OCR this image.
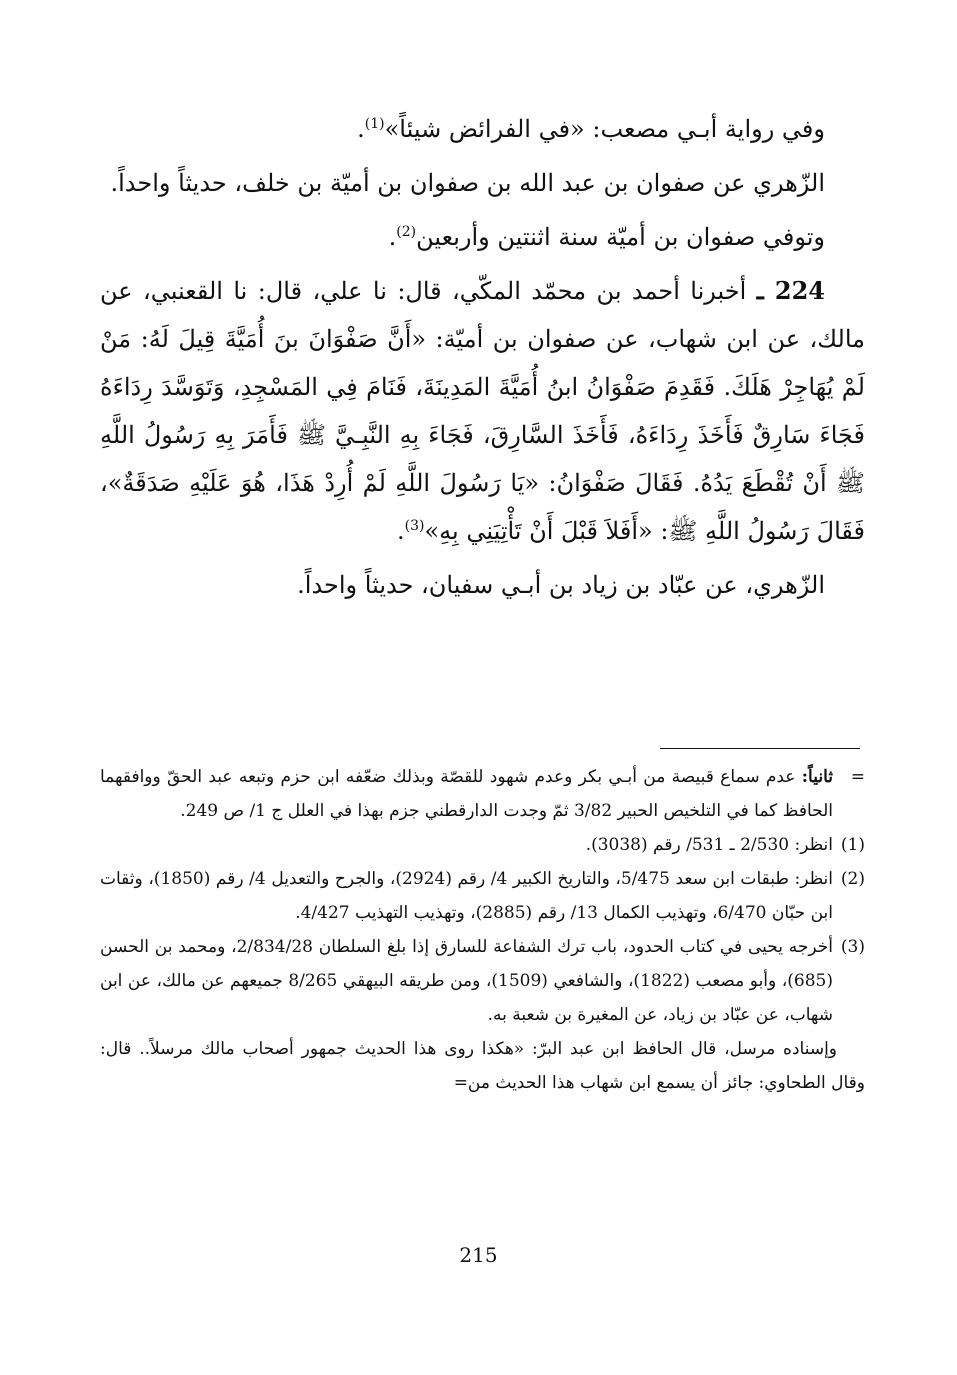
وفي رواية أبـي مصعب: «في الفرائض شيئاً»$^{(1)}$.

الزّهري عن صفوان بن عبد الله بن صفوان بن أميّة بن خلف، حديثاً واحداً.

وتوفي صفوان بن أميّة سنة اثنتين وأربعين$^{(2)}$.

224 ـ أخبرنا أحمد بن محمّد المكّي، قال: نا علي، قال: نا القعنبي، عن مالك، عن ابن شهاب، عن صفوان بن أميّة: «أَنَّ صَفْوَانَ بنَ أُمَيَّةَ قِيلَ لَهُ: مَنْ لَمْ يُهَاجِرْ هَلَكَ. فَقَدِمَ صَفْوَانُ ابنُ أُمَيَّةَ المَدِينَةَ، فَنَامَ فِي المَسْجِدِ، وَتَوَسَّدَ رِدَاءَهُ فَجَاءَ سَارِقٌ فَأَخَذَ رِدَاءَهُ، فَأَخَذَ السَّارِقَ، فَجَاءَ بِهِ النَّبِـيَّ ﷺ فَأَمَرَ بِهِ رَسُولُ اللَّهِ ﷺ أَنْ تُقْطَعَ يَدُهُ. فَقَالَ صَفْوَانُ: «يَا رَسُولَ اللَّهِ لَمْ أُرِدْ هَذَا، هُوَ عَلَيْهِ صَدَقَةٌ»، فَقَالَ رَسُولُ اللَّهِ ﷺ: «أَفَلاَ قَبْلَ أَنْ تَأْتِيَنِي بِهِ»$^{(3)}$.

الزّهري، عن عبّاد بن زياد بن أبـي سفيان، حديثاً واحداً.

=
ثانياً: عدم سماع قبيصة من أبـي بكر وعدم شهود للقصّة وبذلك ضعّفه ابن حزم وتبعه عبد الحقّ ووافقهما الحافظ كما في التلخيص الحبير 3/82 ثمّ وجدت الدارقطني جزم بهذا في العلل ج 1/ ص 249.
(1)
انظر: 2/530 ـ 531/ رقم (3038).
(2)
انظر: طبقات ابن سعد 5/475، والتاريخ الكبير 4/ رقم (2924)، والجرح والتعديل 4/ رقم (1850)، وثقات ابن حبّان 6/470، وتهذيب الكمال 13/ رقم (2885)، وتهذيب التهذيب 4/427.
(3)
أخرجه يحيى في كتاب الحدود، باب ترك الشفاعة للسارق إذا بلغ السلطان 2/834/28، ومحمد بن الحسن (685)، وأبو مصعب (1822)، والشافعي (1509)، ومن طريقه البيهقي 8/265 جميعهم عن مالك، عن ابن شهاب، عن عبّاد بن زياد، عن المغيرة بن شعبة به.

وإسناده مرسل، قال الحافظ ابن عبد البرّ: «هكذا روى هذا الحديث جمهور أصحاب مالك مرسلاً.. قال: وقال الطحاوي: جائز أن يسمع ابن شهاب هذا الحديث من=

215
